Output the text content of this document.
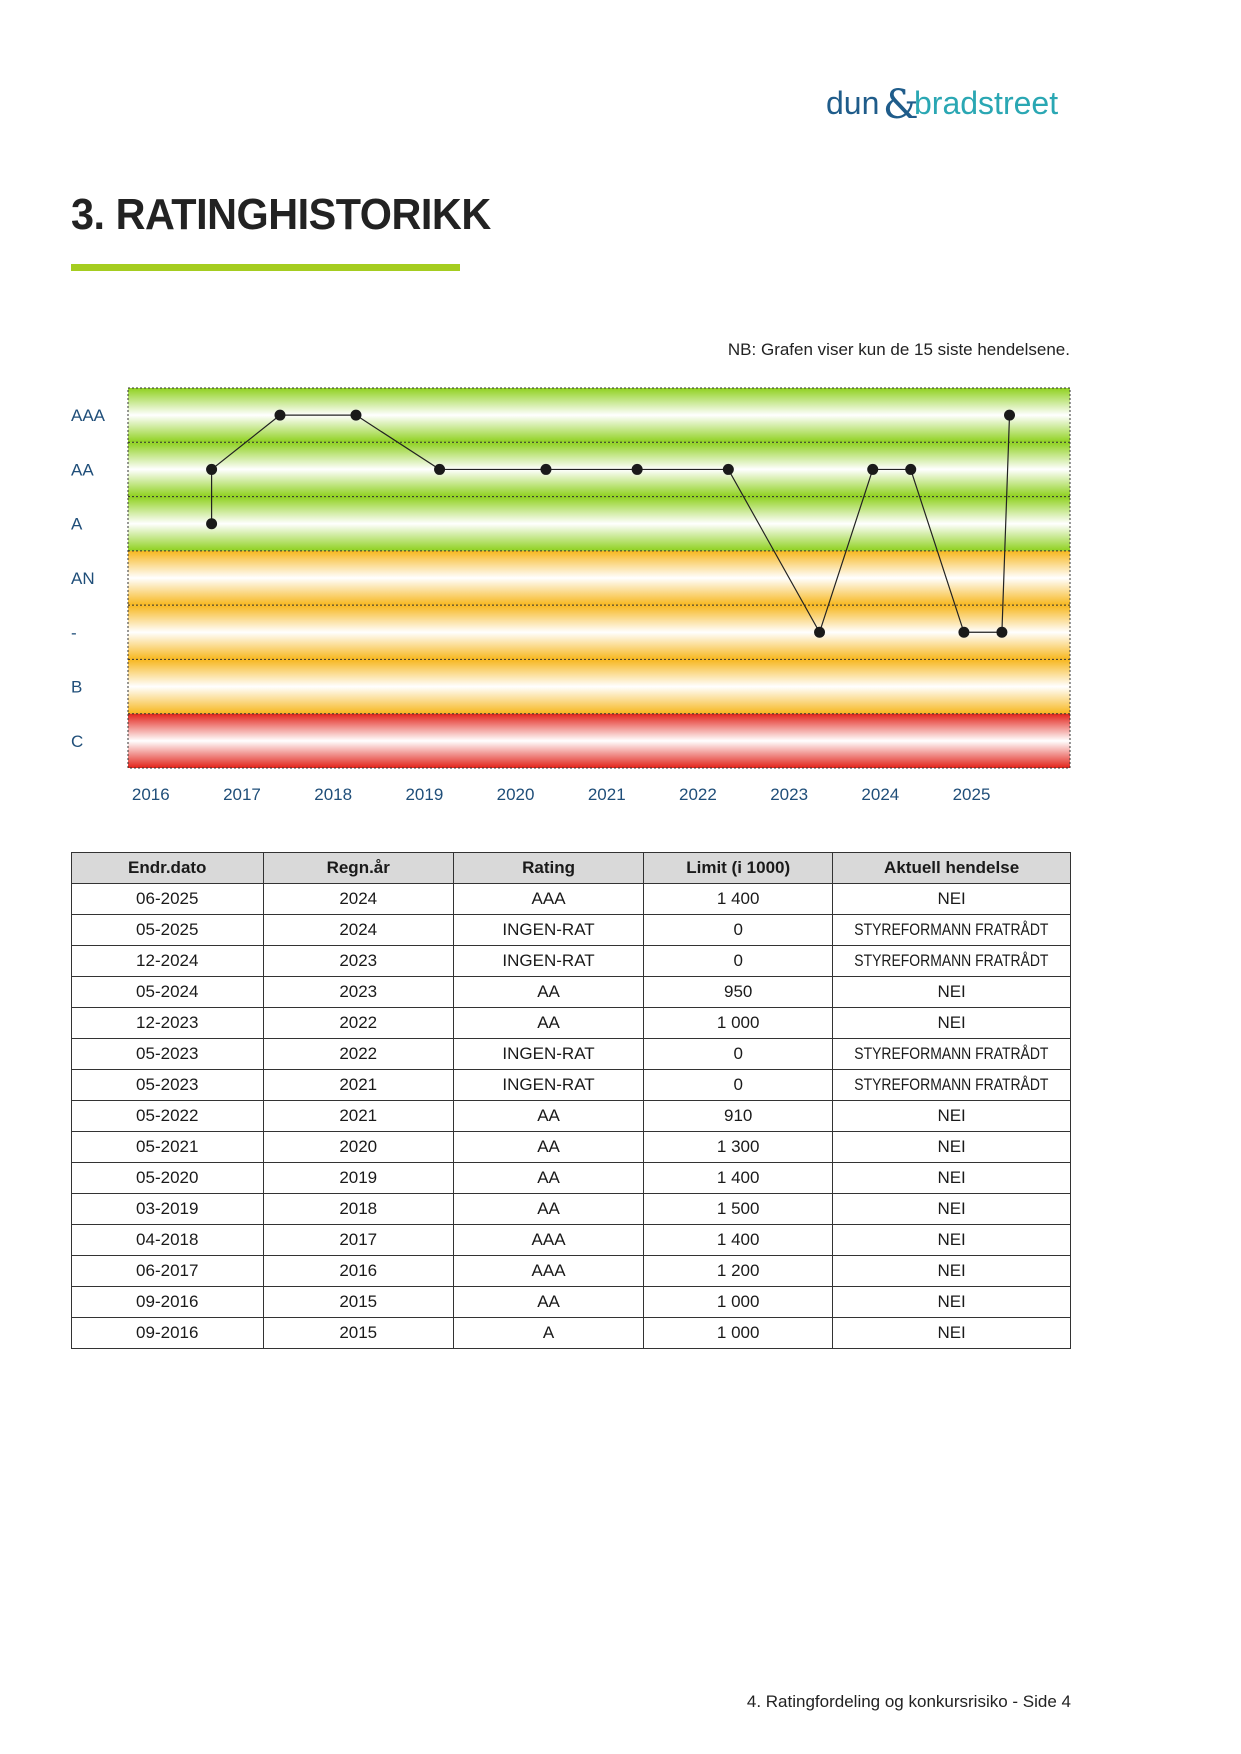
dun &
bradstreet
3. RATINGHISTORIKK
NB: Grafen viser kun de 15 siste hendelsene.
AAA
AA
A
AN
-
B
C
2016	2017	2018	2019	2020	2021	2022	2023	2024	2025
Endr.dato	Regn.år	Rating	Limit (i 1000)	Aktuell hendelse
06-2025	2024	AAA	1 400	NEI
05-2025	2024	INGEN-RAT	0	STYREFORMANN FRATRÅDT
12-2024	2023	INGEN-RAT	0	STYREFORMANN FRATRÅDT
05-2024	2023	AA	950	NEI
12-2023	2022	AA	1 000	NEI
05-2023	2022	INGEN-RAT	0	STYREFORMANN FRATRÅDT
05-2023	2021	INGEN-RAT	0	STYREFORMANN FRATRÅDT
05-2022	2021	AA	910	NEI
05-2021	2020	AA	1 300	NEI
05-2020	2019	AA	1 400	NEI
03-2019	2018	AA	1 500	NEI
04-2018	2017	AAA	1 400	NEI
06-2017	2016	AAA	1 200	NEI
09-2016	2015	AA	1 000	NEI
09-2016	2015	A	1 000	NEI
4. Ratingfordeling og konkursrisiko - Side 4
